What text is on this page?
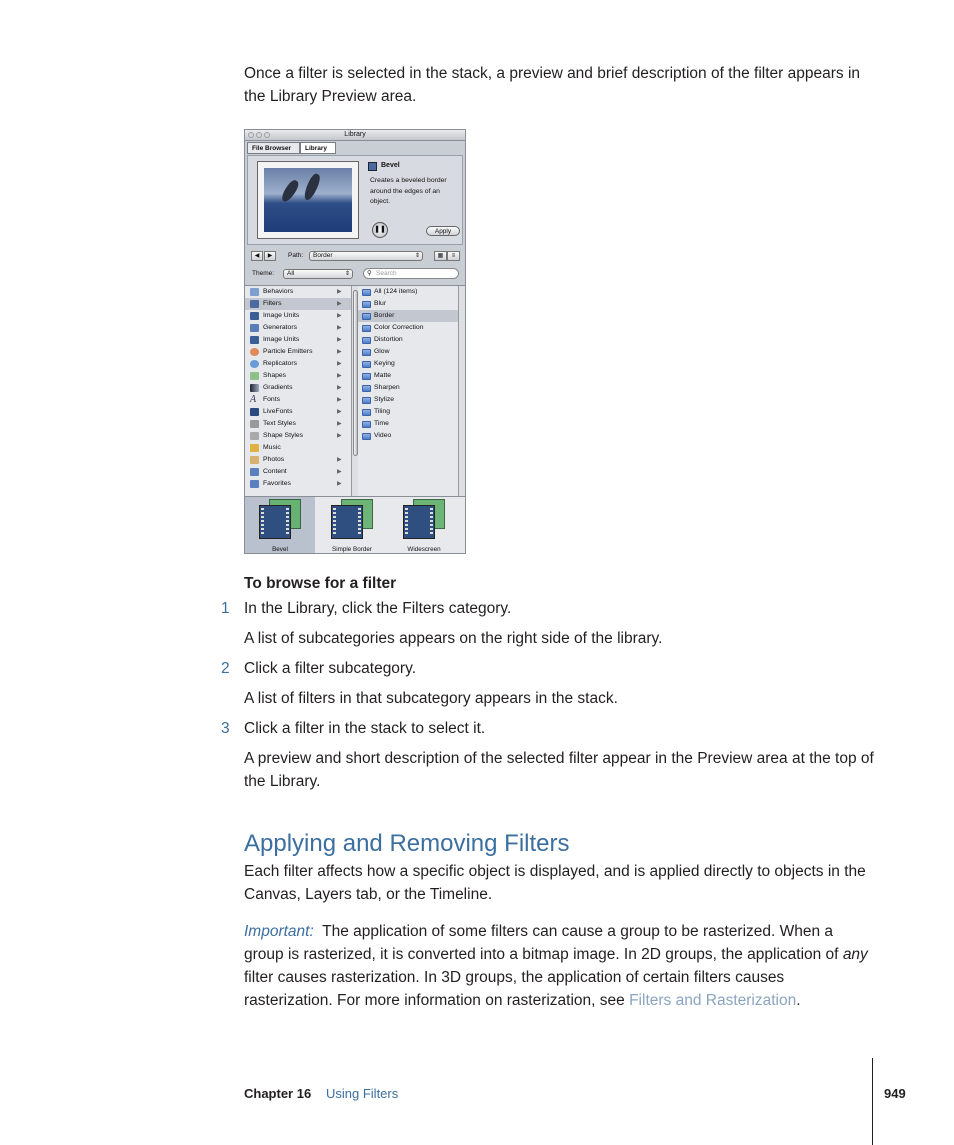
Once a filter is selected in the stack, a preview and brief description of the filter appears in the Library Preview area.

Library
File Browser	Library
Bevel
Creates a beveled border around the edges of an object.
❚❚	Apply
◀	▶	Path:	Border	⇕	▦	≡
Theme:	All	⇕	⚲ Search
Behaviors	▶
Filters	▶
Image Units	▶
Generators	▶
Image Units	▶
Particle Emitters	▶
Replicators	▶
Shapes	▶
Gradients	▶
A	Fonts	▶
LiveFonts	▶
Text Styles	▶
Shape Styles	▶
Music
Photos	▶
Content	▶
Favorites	▶
All (124 items)
Blur
Border
Color Correction
Distortion
Glow
Keying
Matte
Sharpen
Stylize
Tiling
Time
Video
Bevel	Simple Border	Widescreen
To browse for a filter
1 In the Library, click the Filters category.

A list of subcategories appears on the right side of the library.

2 Click a filter subcategory.

A list of filters in that subcategory appears in the stack.

3 Click a filter in the stack to select it.

A preview and short description of the selected filter appear in the Preview area at the top of the Library.

Applying and Removing Filters

Each filter affects how a specific object is displayed, and is applied directly to objects in the Canvas, Layers tab, or the Timeline.

Important: The application of some filters can cause a group to be rasterized. When a group is rasterized, it is converted into a bitmap image. In 2D groups, the application of any filter causes rasterization. In 3D groups, the application of certain filters causes rasterization. For more information on rasterization, see Filters and Rasterization.

Chapter 16 Using Filters	949
